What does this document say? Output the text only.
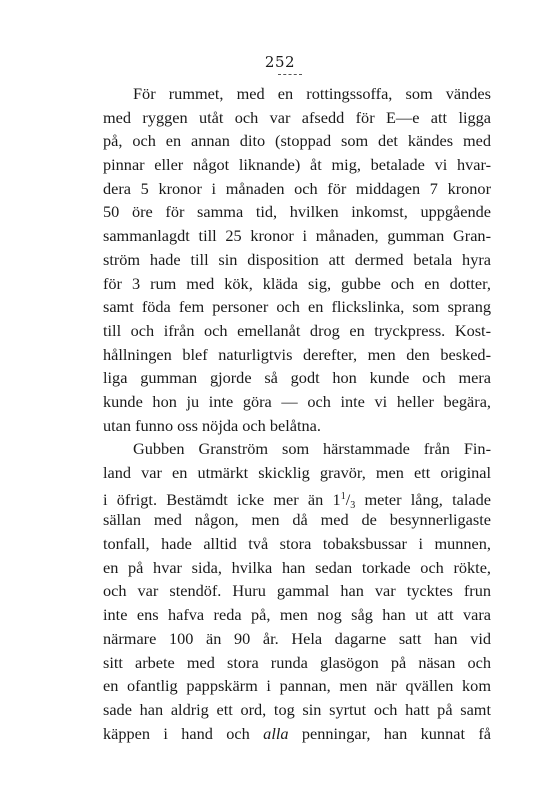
252
För rummet, med en rottingssoffa, som vändes
med ryggen utåt och var afsedd för E—e att ligga
på, och en annan dito (stoppad som det kändes med
pinnar eller något liknande) åt mig, betalade vi hvar-
dera 5 kronor i månaden och för middagen 7 kronor
50 öre för samma tid, hvilken inkomst, uppgående
sammanlagdt till 25 kronor i månaden, gumman Gran-
ström hade till sin disposition att dermed betala hyra
för 3 rum med kök, kläda sig, gubbe och en dotter,
samt föda fem personer och en flickslinka, som sprang
till och ifrån och emellanåt drog en tryckpress. Kost-
hållningen blef naturligtvis derefter, men den besked-
liga gumman gjorde så godt hon kunde och mera
kunde hon ju inte göra — och inte vi heller begära,
utan funno oss nöjda och belåtna.
Gubben Granström som härstammade från Fin-
land var en utmärkt skicklig gravör, men ett original
i öfrigt. Bestämdt icke mer än $1^1/3$ meter lång, talade
sällan med någon, men då med de besynnerligaste
tonfall, hade alltid två stora tobaksbussar i munnen,
en på hvar sida, hvilka han sedan torkade och rökte,
och var stendöf. Huru gammal han var tycktes frun
inte ens hafva reda på, men nog såg han ut att vara
närmare 100 än 90 år. Hela dagarne satt han vid
sitt arbete med stora runda glasögon på näsan och
en ofantlig pappskärm i pannan, men när qvällen kom
sade han aldrig ett ord, tog sin syrtut och hatt på samt
käppen i hand och alla penningar, han kunnat få
